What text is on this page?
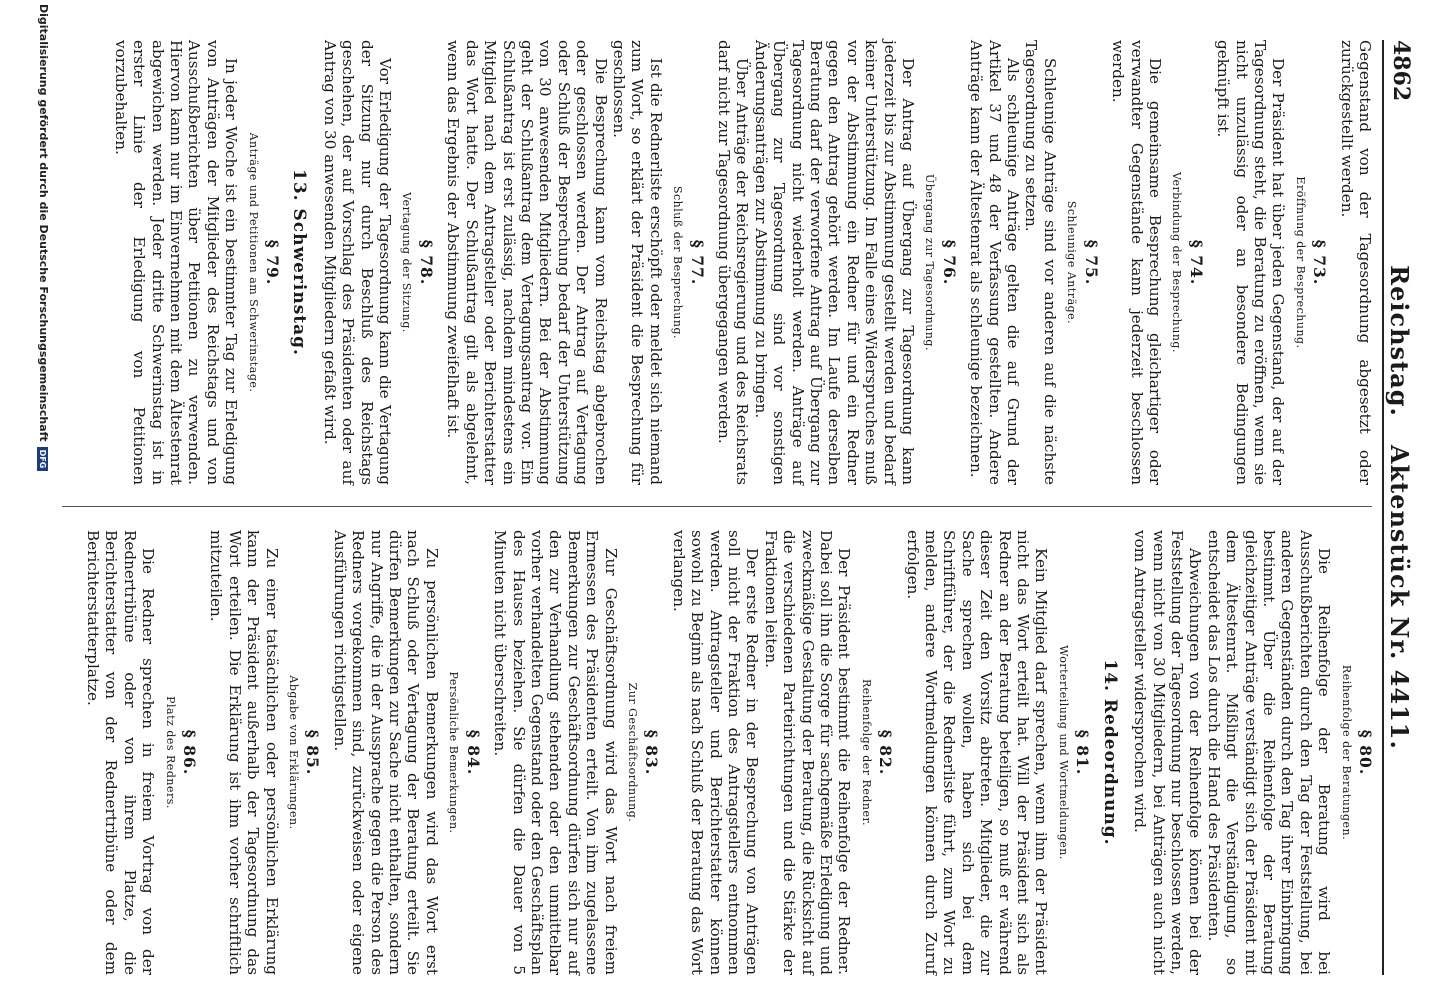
4862
Reichstag.Aktenstück Nr. 4411.

Gegenstand von der Tagesordnung abgesetzt oder zurückgestellt werden.

§ 73.
Eröffnung der Besprechung.

Der Präsident hat über jeden Gegenstand, der auf der Tagesordnung steht, die Beratung zu eröffnen, wenn sie nicht unzulässig oder an besondere Bedingungen geknüpft ist.

§ 74.
Verbindung der Besprechung.

Die gemeinsame Besprechung gleichartiger oder verwandter Gegenstände kann jederzeit beschlossen werden.

§ 75.
Schleunige Anträge.

Schleunige Anträge sind vor anderen auf die nächste Tagesordnung zu setzen.

Als schleunige Anträge gelten die auf Grund der Artikel 37 und 48 der Verfassung gestellten. Andere Anträge kann der Ältestenrat als schleunige bezeichnen.

§ 76.
Übergang zur Tagesordnung.

Der Antrag auf Übergang zur Tagesordnung kann jederzeit bis zur Abstimmung gestellt werden und bedarf keiner Unterstützung. Im Falle eines Widerspruches muß vor der Abstimmung ein Redner für und ein Redner gegen den Antrag gehört werden. Im Laufe derselben Beratung darf der verworfene Antrag auf Übergang zur Tagesordnung nicht wiederholt werden. Anträge auf Übergang zur Tagesordnung sind vor sonstigen Änderungsanträgen zur Abstimmung zu bringen.

Über Anträge der Reichsregierung und des Reichsrats darf nicht zur Tagesordnung übergegangen werden.

§ 77.
Schluß der Besprechung.

Ist die Rednerliste erschöpft oder meldet sich niemand zum Wort, so erklärt der Präsident die Besprechung für geschlossen.

Die Besprechung kann vom Reichstag abgebrochen oder geschlossen werden. Der Antrag auf Vertagung oder Schluß der Besprechung bedarf der Unterstützung von 30 anwesenden Mitgliedern. Bei der Abstimmung geht der Schlußantrag dem Vertagungsantrag vor. Ein Schlußantrag ist erst zulässig, nachdem mindestens ein Mitglied nach dem Antragsteller oder Berichterstatter das Wort hatte. Der Schlußantrag gilt als abgelehnt, wenn das Ergebnis der Abstimmung zweifelhaft ist.

§ 78.
Vertagung der Sitzung.

Vor Erledigung der Tagesordnung kann die Vertagung der Sitzung nur durch Beschluß des Reichstags geschehen, der auf Vorschlag des Präsidenten oder auf Antrag von 30 anwesenden Mitgliedern gefaßt wird.

13. Schwerinstag.
§ 79.
Anträge und Petitionen am Schwerinstage.

In jeder Woche ist ein bestimmter Tag zur Erledigung von Anträgen der Mitglieder des Reichstags und von Ausschußberichten über Petitionen zu verwenden. Hiervon kann nur im Einvernehmen mit dem Ältestenrat abgewichen werden. Jeder dritte Schwerinstag ist in erster Linie der Erledigung von Petitionen vorzubehalten.

§ 80.
Reihenfolge der Beratungen.

Die Reihenfolge der Beratung wird bei Ausschußberichten durch den Tag der Feststellung, bei anderen Gegenständen durch den Tag ihrer Einbringung bestimmt. Über die Reihenfolge der Beratung gleichzeitiger Anträge verständigt sich der Präsident mit dem Ältestenrat. Mißlingt die Verständigung, so entscheidet das Los durch die Hand des Präsidenten.

Abweichungen von der Reihenfolge können bei der Feststellung der Tagesordnung nur beschlossen werden, wenn nicht von 30 Mitgliedern, bei Anträgen auch nicht vom Antragsteller widersprochen wird.

14. Redeordnung.
§ 81.
Worterteilung und Wortmeldungen.

Kein Mitglied darf sprechen, wenn ihm der Präsident nicht das Wort erteilt hat. Will der Präsident sich als Redner an der Beratung beteiligen, so muß er während dieser Zeit den Vorsitz abtreten. Mitglieder, die zur Sache sprechen wollen, haben sich bei dem Schriftführer, der die Rednerliste führt, zum Wort zu melden, andere Wortmeldungen können durch Zuruf erfolgen.

§ 82.
Reihenfolge der Redner.

Der Präsident bestimmt die Reihenfolge der Redner. Dabei soll ihn die Sorge für sachgemäße Erledigung und zweckmäßige Gestaltung der Beratung, die Rücksicht auf die verschiedenen Parteirichtungen und die Stärke der Fraktionen leiten.

Der erste Redner in der Besprechung von Anträgen soll nicht der Fraktion des Antragstellers entnommen werden. Antragsteller und Berichterstatter können sowohl zu Beginn als nach Schluß der Beratung das Wort verlangen.

§ 83.
Zur Geschäftsordnung.

Zur Geschäftsordnung wird das Wort nach freiem Ermessen des Präsidenten erteilt. Von ihm zugelassene Bemerkungen zur Geschäftsordnung dürfen sich nur auf den zur Verhandlung stehenden oder den unmittelbar vorher verhandelten Gegenstand oder den Geschäftsplan des Hauses beziehen. Sie dürfen die Dauer von 5 Minuten nicht überschreiten.

§ 84.
Persönliche Bemerkungen.

Zu persönlichen Bemerkungen wird das Wort erst nach Schluß oder Vertagung der Beratung erteilt. Sie dürfen Bemerkungen zur Sache nicht enthalten, sondern nur Angriffe, die in der Aussprache gegen die Person des Redners vorgekommen sind, zurückweisen oder eigene Ausführungen richtigstellen.

§ 85.
Abgabe von Erklärungen.

Zu einer tatsächlichen oder persönlichen Erklärung kann der Präsident außerhalb der Tagesordnung das Wort erteilen. Die Erklärung ist ihm vorher schriftlich mitzuteilen.

§ 86.
Platz des Redners.

Die Redner sprechen in freiem Vortrag von der Rednertribüne oder von ihrem Platze, die Berichterstatter von der Rednertribüne oder dem Berichterstatterplatze.

Digitalisierung gefördert durch die Deutsche ForschungsgemeinschaftDFG
